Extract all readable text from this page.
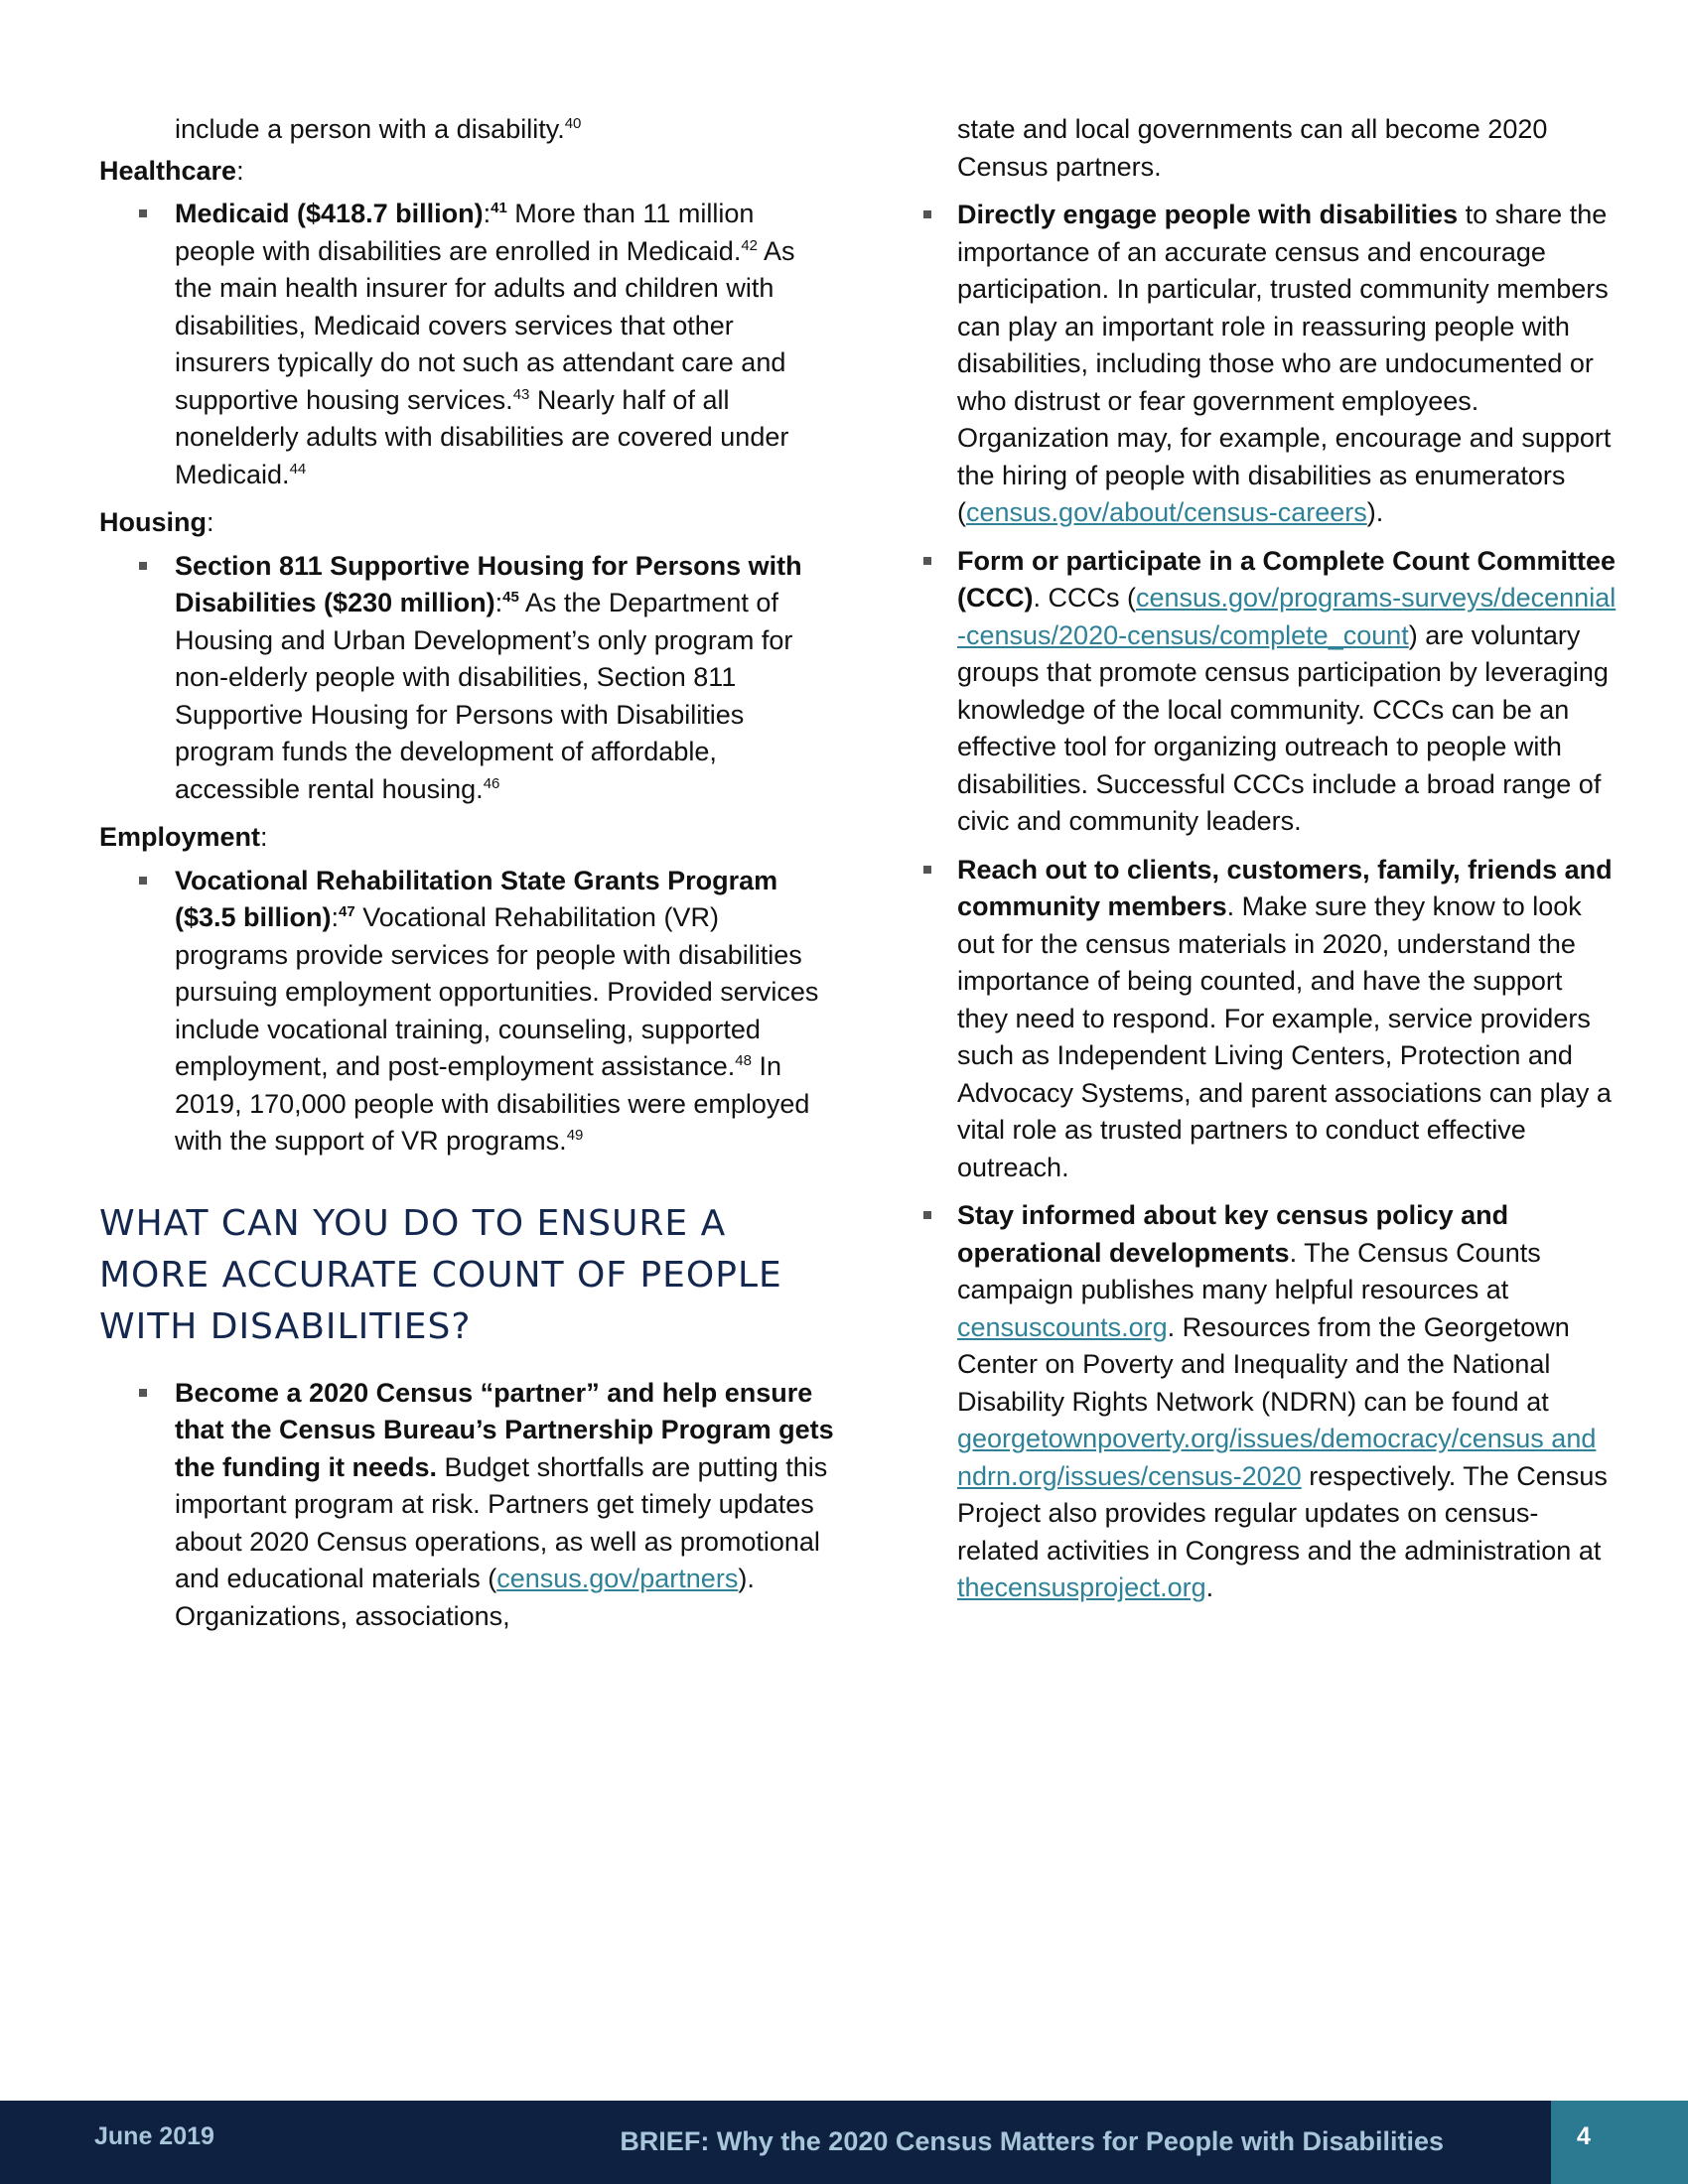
include a person with a disability.$^{40}$

Healthcare:

Medicaid ($418.7 billion):$^{41}$ More than 11 million people with disabilities are enrolled in Medicaid.$^{42}$ As the main health insurer for adults and children with disabilities, Medicaid covers services that other insurers typically do not such as attendant care and supportive housing services.$^{43}$ Nearly half of all nonelderly adults with disabilities are covered under Medicaid.$^{44}$

Housing:

Section 811 Supportive Housing for Persons with Disabilities ($230 million):$^{45}$ As the Department of Housing and Urban Development’s only program for non-elderly people with disabilities, Section 811 Supportive Housing for Persons with Disabilities program funds the development of affordable, accessible rental housing.$^{46}$

Employment:

Vocational Rehabilitation State Grants Program ($3.5 billion):$^{47}$ Vocational Rehabilitation (VR) programs provide services for people with disabilities pursuing employment opportunities. Provided services include vocational training, counseling, supported employment, and post-employment assistance.$^{48}$ In 2019, 170,000 people with disabilities were employed with the support of VR programs.$^{49}$
WHAT CAN YOU DO TO ENSURE A MORE ACCURATE COUNT OF PEOPLE WITH DISABILITIES?
Become a 2020 Census “partner” and help ensure that the Census Bureau’s Partnership Program gets the funding it needs. Budget shortfalls are putting this important program at risk. Partners get timely updates about 2020 Census operations, as well as promotional and educational materials (census.gov/partners). Organizations, associations,

state and local governments can all become 2020 Census partners.

Directly engage people with disabilities to share the importance of an accurate census and encourage participation. In particular, trusted community members can play an important role in reassuring people with disabilities, including those who are undocumented or who distrust or fear government employees. Organization may, for example, encourage and support the hiring of people with disabilities as enumerators (census.gov/about/census-careers).
Form or participate in a Complete Count Committee (CCC). CCCs (census.gov/programs-surveys/decennial-census/2020-census/complete_count) are voluntary groups that promote census participation by leveraging knowledge of the local community. CCCs can be an effective tool for organizing outreach to people with disabilities. Successful CCCs include a broad range of civic and community leaders.
Reach out to clients, customers, family, friends and community members. Make sure they know to look out for the census materials in 2020, understand the importance of being counted, and have the support they need to respond. For example, service providers such as Independent Living Centers, Protection and Advocacy Systems, and parent associations can play a vital role as trusted partners to conduct effective outreach.
Stay informed about key census policy and operational developments. The Census Counts campaign publishes many helpful resources at censuscounts.org. Resources from the Georgetown Center on Poverty and Inequality and the National Disability Rights Network (NDRN) can be found at georgetownpoverty.org/issues/democracy/census and ndrn.org/issues/census-2020 respectively. The Census Project also provides regular updates on census-related activities in Congress and the administration at thecensusproject.org.
June 2019	BRIEF: Why the 2020 Census Matters for People with Disabilities	4
